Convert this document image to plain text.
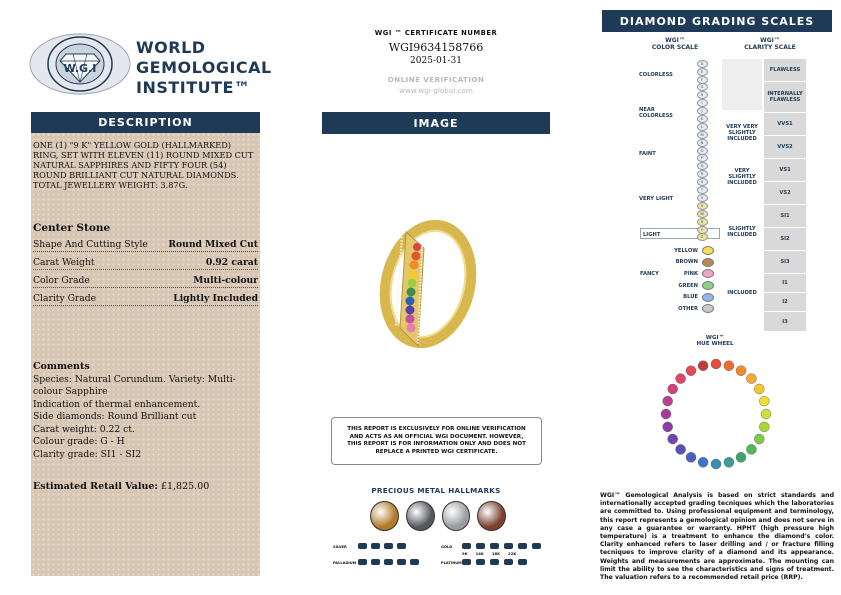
W.G.I
WORLD
GEMOLOGICAL
INSTITUTE™
DESCRIPTION
ONE (1) "9 K" YELLOW GOLD (HALLMARKED) RING, SET WITH ELEVEN (11) ROUND MIXED CUT NATURAL SAPPHIRES AND FIFTY FOUR (54) ROUND BRILLIANT CUT NATURAL DIAMONDS. TOTAL JEWELLERY WEIGHT: 3.87G.
Center Stone
Shape And Cutting Style Round Mixed Cut
Carat Weight	0.92 carat
Color Grade	Multi-colour
Clarity Grade	Lightly Included
Comments
Species: Natural Corundum. Variety: Multi-colour Sapphire
Indication of thermal enhancement.
Side diamonds: Round Brilliant cut
Carat weight: 0.22 ct.
Colour grade: G - H
Clarity grade: SI1 - SI2
Estimated Retail Value: £1,825.00
WGI ™ CERTIFICATE NUMBER
WGI9634158766
2025-01-31
ONLINE VERIFICATION
www.wgi-global.com
IMAGE
THIS REPORT IS EXCLUSIVELY FOR ONLINE VERIFICATION AND ACTS AS AN OFFICIAL WGI DOCUMENT. HOWEVER, THIS REPORT IS FOR INFORMATION ONLY AND DOES NOT REPLACE A PRINTED WGI CERTIFICATE.
PRECIOUS METAL HALLMARKS
SILVER
PALLADIUM
GOLD
PLATINUM
9K 14K 18K 22K
DIAMOND GRADING SCALES
WGI™
COLOR SCALE
WGI™
CLARITY SCALE
COLORLESS
NEAR COLORLESS
FAINT
VERY LIGHT
LIGHT
D
E
F
G
H
I
J
K
L
M
N
O
P
Q
R
S
T
U
V
W
X
Y
Z
FANCY
YELLOW
BROWN
PINK
GREEN
BLUE
OTHER
VERY VERY SLIGHTLY INCLUDED
VERY SLIGHTLY INCLUDED
SLIGHTLY INCLUDED
INCLUDED
FLAWLESS
INTERNALLY FLAWLESS
VVS1
VVS2
VS1
VS2
SI1
SI2
SI3
I1
I2
I3
WGI™
HUE WHEEL
WGI™ Gemological Analysis is based on strict standards and internationally accepted grading tecniques which the laboratories are committed to. Using professional equipment and terminology, this report represents a gemological opinion and does not serve in any case a guarantee or warranty. HPHT (high pressure high temperature) is a treatment to enhance the diamond's color. Clarity enhanced refers to laser drilling and / or fracture filling tecniques to improve clarity of a diamond and its appearance. Weights and measurements are approximate. The mounting can limit the ability to see the characteristics and signs of treatment. The valuation refers to a recommended retail price (RRP).
